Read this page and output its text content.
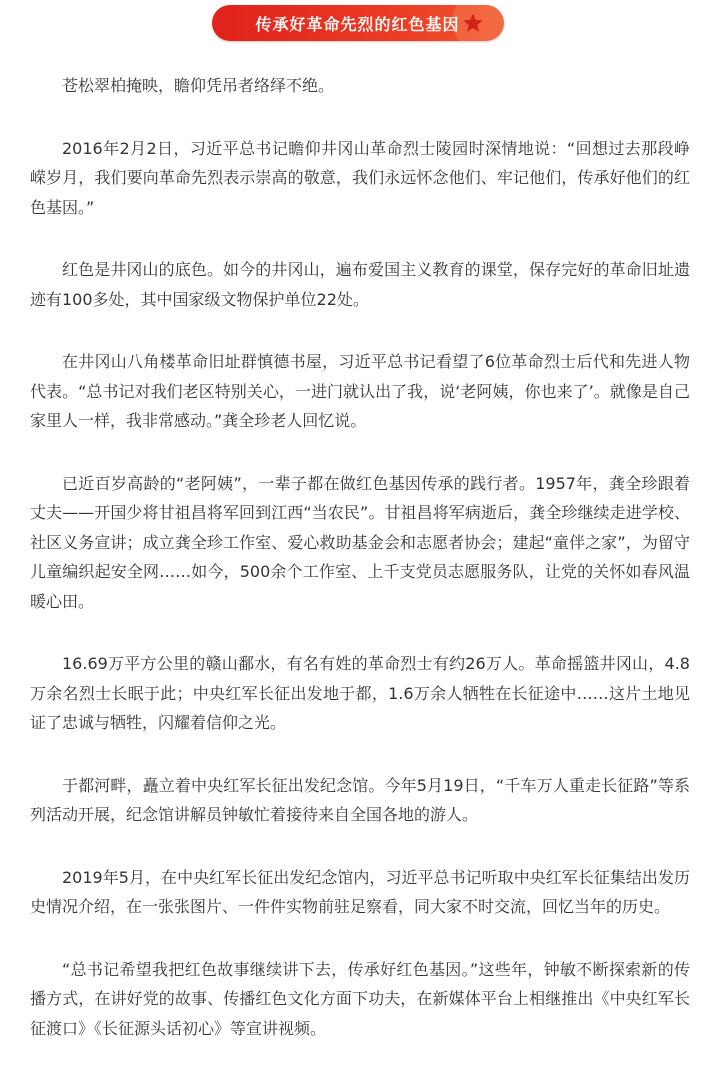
传承好革命先烈的红色基因

苍松翠柏掩映，瞻仰凭吊者络绎不绝。

2016年2月2日，习近平总书记瞻仰井冈山革命烈士陵园时深情地说：“回想过去那段峥嵘岁月，我们要向革命先烈表示崇高的敬意，我们永远怀念他们、牢记他们，传承好他们的红色基因。”

红色是井冈山的底色。如今的井冈山，遍布爱国主义教育的课堂，保存完好的革命旧址遗迹有100多处，其中国家级文物保护单位22处。

在井冈山八角楼革命旧址群慎德书屋，习近平总书记看望了6位革命烈士后代和先进人物代表。“总书记对我们老区特别关心，一进门就认出了我，说‘老阿姨，你也来了’。就像是自己家里人一样，我非常感动。”龚全珍老人回忆说。

已近百岁高龄的“老阿姨”，一辈子都在做红色基因传承的践行者。1957年，龚全珍跟着丈夫——开国少将甘祖昌将军回到江西“当农民”。甘祖昌将军病逝后，龚全珍继续走进学校、社区义务宣讲；成立龚全珍工作室、爱心救助基金会和志愿者协会；建起“童伴之家”，为留守儿童编织起安全网……如今，500余个工作室、上千支党员志愿服务队，让党的关怀如春风温暖心田。

16.69万平方公里的赣山鄱水，有名有姓的革命烈士有约26万人。革命摇篮井冈山，4.8万余名烈士长眠于此；中央红军长征出发地于都，1.6万余人牺牲在长征途中……这片土地见证了忠诚与牺牲，闪耀着信仰之光。

于都河畔，矗立着中央红军长征出发纪念馆。今年5月19日，“千车万人重走长征路”等系列活动开展，纪念馆讲解员钟敏忙着接待来自全国各地的游人。

2019年5月，在中央红军长征出发纪念馆内，习近平总书记听取中央红军长征集结出发历史情况介绍，在一张张图片、一件件实物前驻足察看，同大家不时交流，回忆当年的历史。

“总书记希望我把红色故事继续讲下去，传承好红色基因。”这些年，钟敏不断探索新的传播方式，在讲好党的故事、传播红色文化方面下功夫，在新媒体平台上相继推出《中央红军长征渡口》《长征源头话初心》等宣讲视频。
